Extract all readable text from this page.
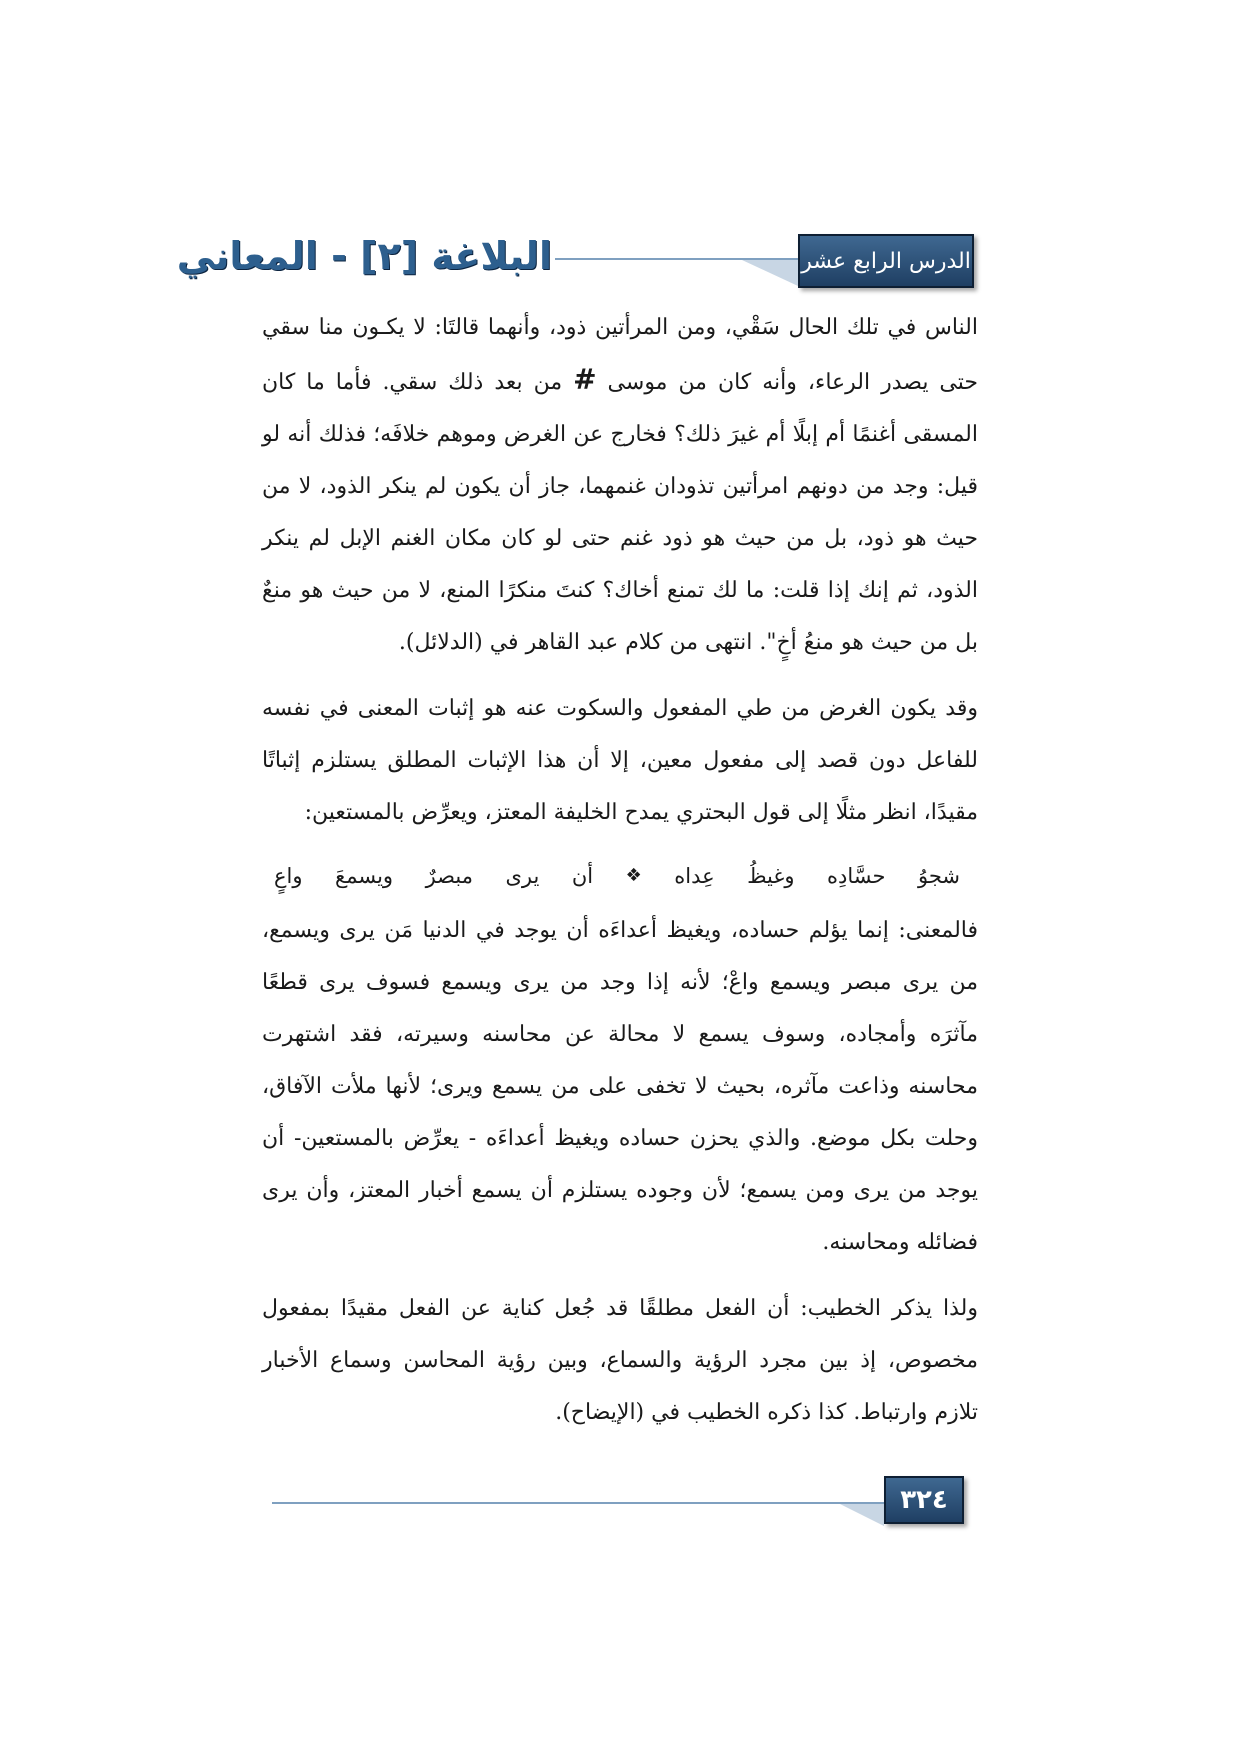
الدرس الرابع عشر
البلاغة [٢] - المعاني

الناس في تلك الحال سَقْي، ومن المرأتين ذود، وأنهما قالتَا: لا يكـون منا سقي حتى يصدر الرعاء، وأنه كان من موسى # من بعد ذلك سقي. فأما ما كان المسقى أغنمًا أم إبلًا أم غيرَ ذلك؟ فخارج عن الغرض وموهم خلافَه؛ فذلك أنه لو قيل: وجد من دونهم امرأتين تذودان غنمهما، جاز أن يكون لم ينكر الذود، لا من حيث هو ذود، بل من حيث هو ذود غنم حتى لو كان مكان الغنم الإبل لم ينكر الذود، ثم إنك إذا قلت: ما لك تمنع أخاك؟ كنتَ منكرًا المنع، لا من حيث هو منعٌ بل من حيث هو منعُ أخٍ". انتهى من كلام عبد القاهر في (الدلائل).

وقد يكون الغرض من طي المفعول والسكوت عنه هو إثبات المعنى في نفسه للفاعل دون قصد إلى مفعول معين، إلا أن هذا الإثبات المطلق يستلزم إثباتًا مقيدًا، انظر مثلًا إلى قول البحتري يمدح الخليفة المعتز، ويعرِّض بالمستعين:

شجوُ
حسَّادِه
وغيظُ
عِداه
❖
أن
يرى
مبصرٌ
ويسمعَ
واعٍ

فالمعنى: إنما يؤلم حساده، ويغيظ أعداءَه أن يوجد في الدنيا مَن يرى ويسمع، من يرى مبصر ويسمع واعْ؛ لأنه إذا وجد من يرى ويسمع فسوف يرى قطعًا مآثرَه وأمجاده، وسوف يسمع لا محالة عن محاسنه وسيرته، فقد اشتهرت محاسنه وذاعت مآثره، بحيث لا تخفى على من يسمع ويرى؛ لأنها ملأت الآفاق، وحلت بكل موضع. والذي يحزن حساده ويغيظ أعداءَه - يعرِّض بالمستعين- أن يوجد من يرى ومن يسمع؛ لأن وجوده يستلزم أن يسمع أخبار المعتز، وأن يرى فضائله ومحاسنه.

ولذا يذكر الخطيب: أن الفعل مطلقًا قد جُعل كناية عن الفعل مقيدًا بمفعول مخصوص، إذ بين مجرد الرؤية والسماع، وبين رؤية المحاسن وسماع الأخبار تلازم وارتباط. كذا ذكره الخطيب في (الإيضاح).

٣٢٤
